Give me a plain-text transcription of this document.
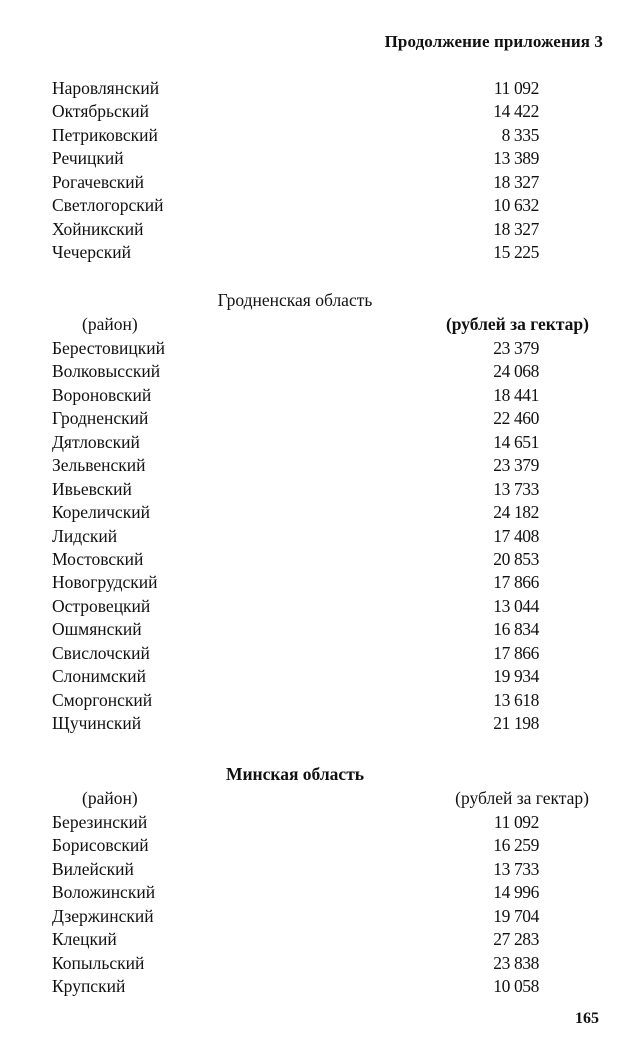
Продолжение приложения 3
Наровлянский	11 092
Октябрьский	14 422
Петриковский	8 335
Речицкий	13 389
Рогачевский	18 327
Светлогорский	10 632
Хойникский	18 327
Чечерский	15 225
Гродненская область
(район)	(рублей за гектар)
Берестовицкий	23 379
Волковысский	24 068
Вороновский	18 441
Гродненский	22 460
Дятловский	14 651
Зельвенский	23 379
Ивьевский	13 733
Кореличский	24 182
Лидский	17 408
Мостовский	20 853
Новогрудский	17 866
Островецкий	13 044
Ошмянский	16 834
Свислочский	17 866
Слонимский	19 934
Сморгонский	13 618
Щучинский	21 198
Минская область
(район)	(рублей за гектар)
Березинский	11 092
Борисовский	16 259
Вилейский	13 733
Воложинский	14 996
Дзержинский	19 704
Клецкий	27 283
Копыльский	23 838
Крупский	10 058
165
